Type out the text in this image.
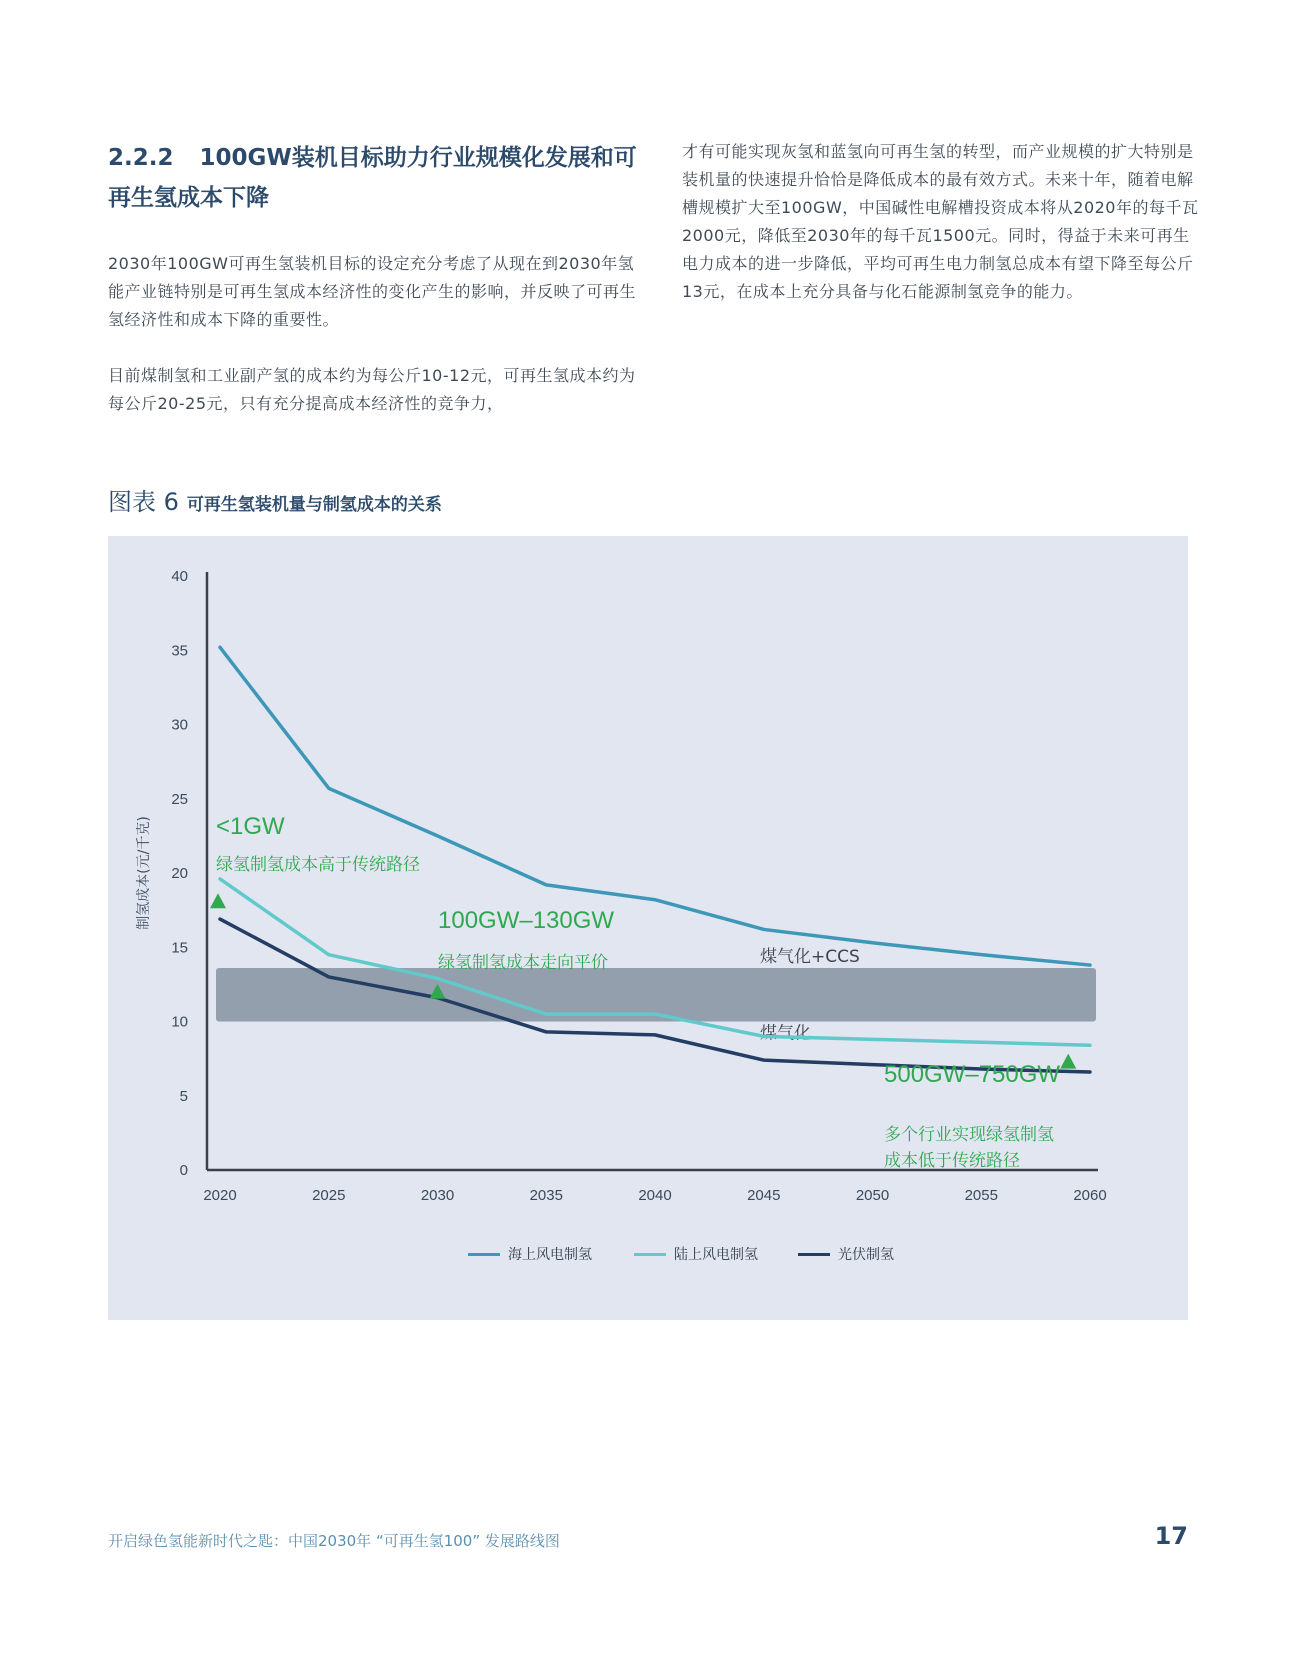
2.2.2 100GW装机目标助力行业规模化发展和可再生氢成本下降

2030年100GW可再生氢装机目标的设定充分考虑了从现在到2030年氢能产业链特别是可再生氢成本经济性的变化产生的影响，并反映了可再生氢经济性和成本下降的重要性。

目前煤制氢和工业副产氢的成本约为每公斤10-12元，可再生氢成本约为每公斤20-25元，只有充分提高成本经济性的竞争力，

才有可能实现灰氢和蓝氢向可再生氢的转型，而产业规模的扩大特别是装机量的快速提升恰恰是降低成本的最有效方式。未来十年，随着电解槽规模扩大至100GW，中国碱性电解槽投资成本将从2020年的每千瓦2000元，降低至2030年的每千瓦1500元。同时，得益于未来可再生电力成本的进一步降低，平均可再生电力制氢总成本有望下降至每公斤13元，在成本上充分具备与化石能源制氢竞争的能力。

图表 6 可再生氢装机量与制氢成本的关系

煤气化+CCS
煤气化
0
5
10
15
20
25
30
35
40
2020	2025	2030	2035	2040	2045	2050	2055	2060
制氢成本(元/千克)	<1GW
绿氢制氢成本高于传统路径
100GW–130GW
绿氢制氢成本走向平价
500GW–750GW
多个行业实现绿氢制氢
成本低于传统路径
海上风电制氢	陆上风电制氢	光伏制氢

开启绿色氢能新时代之匙：中国2030年 “可再生氢100” 发展路线图	17
